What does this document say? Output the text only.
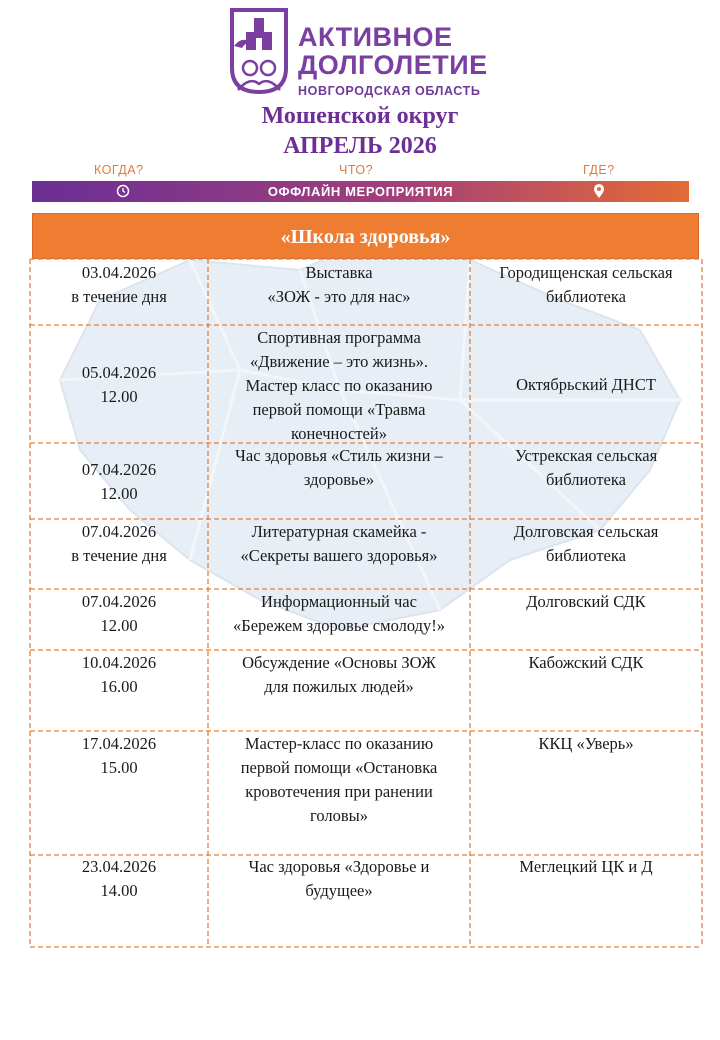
АКТИВНОЕ
ДОЛГОЛЕТИЕ
НОВГОРОДСКАЯ ОБЛАСТЬ
Мошенской округ
АПРЕЛЬ 2026
КОГДА?	ЧТО?	ГДЕ?
ОФФЛАЙН МЕРОПРИЯТИЯ
«Школа здоровья»
03.04.2026
в течение дня
Выставка
«ЗОЖ - это для нас»
Городищенская сельская
библиотека
05.04.2026
12.00
Спортивная программа
«Движение – это жизнь».
Мастер класс по оказанию
первой помощи «Травма
конечностей»
Октябрьский ДНСТ
07.04.2026
12.00
Час здоровья «Стиль жизни –
здоровье»
Устрекская сельская
библиотека
07.04.2026
в течение дня
Литературная скамейка -
«Секреты вашего здоровья»
Долговская сельская
библиотека
07.04.2026
12.00
Информационный час
«Бережем здоровье смолоду!»
Долговский СДК
10.04.2026
16.00
Обсуждение «Основы ЗОЖ
для пожилых людей»
Кабожский СДК
17.04.2026
15.00
Мастер-класс по оказанию
первой помощи «Остановка
кровотечения при ранении
головы»
ККЦ «Уверь»
23.04.2026
14.00
Час здоровья «Здоровье и
будущее»
Меглецкий ЦК и Д
